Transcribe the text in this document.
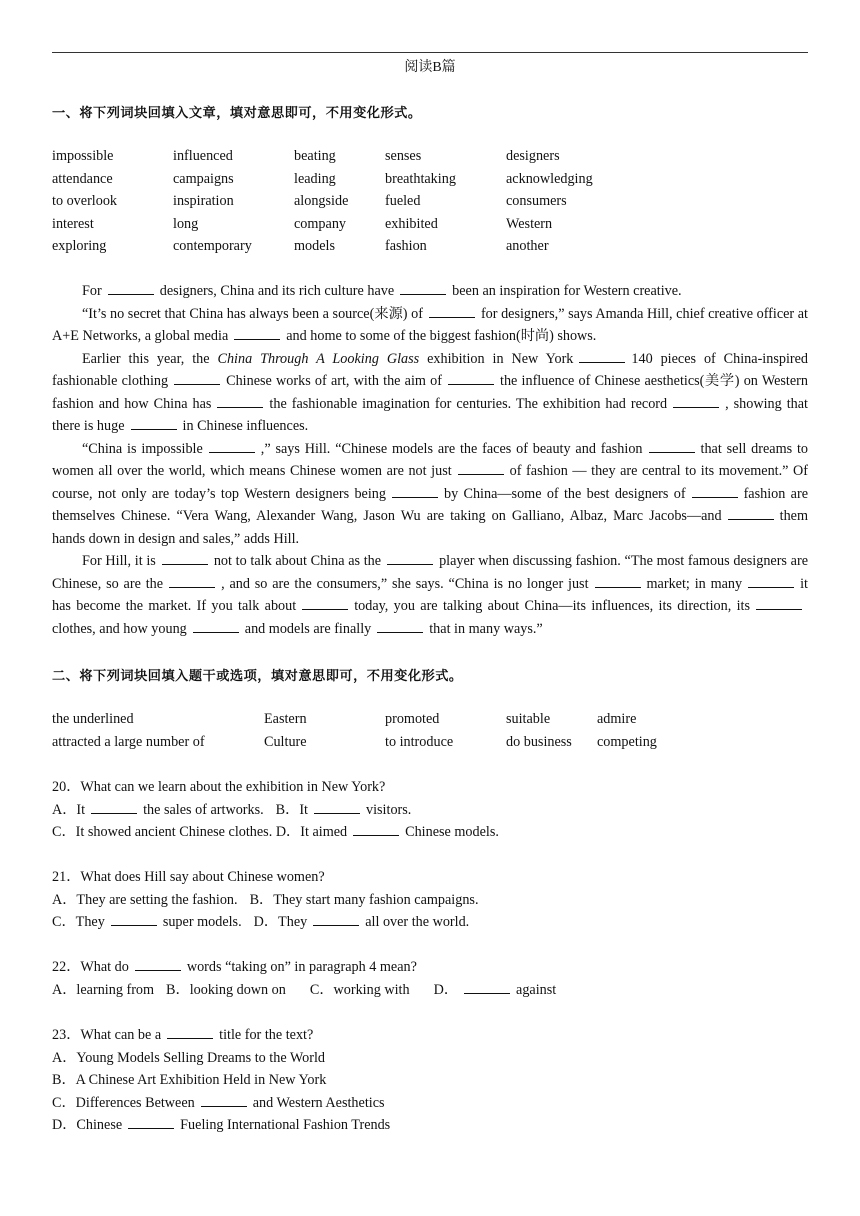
阅读B篇
一、将下列词块回填入文章，填对意思即可，不用变化形式。
impossible	influenced	beating	senses	designers
attendance	campaigns	leading	breathtaking	acknowledging
to overlook	inspiration	alongside	fueled	consumers
interest	long	company	exhibited	Western
exploring	contemporary	models	fashion	another

For	designers, China and its rich culture have	been an inspiration for Western creative.

“It’s no secret that China has always been a source(来源) of	for designers,” says Amanda Hill, chief creative officer at A+E Networks, a global media	and home to some of the biggest fashion(时尚) shows.

Earlier this year, the China Through A Looking Glass exhibition in New York	140 pieces of China-inspired fashionable clothing	Chinese works of art, with the aim of	the influence of Chinese aesthetics(美学) on Western fashion and how China has	the fashionable imagination for centuries. The exhibition had record	, showing that there is huge	in Chinese influences.

“China is impossible	,” says Hill. “Chinese models are the faces of beauty and fashion	that sell dreams to women all over the world, which means Chinese women are not just	of fashion — they are central to its movement.” Of course, not only are today’s top Western designers being	by China—some of the best designers of	fashion are themselves Chinese. “Vera Wang, Alexander Wang, Jason Wu are taking on Galliano, Albaz, Marc Jacobs—and	them hands down in design and sales,” adds Hill.

For Hill, it is	not to talk about China as the	player when discussing fashion. “The most famous designers are Chinese, so are the	, and so are the consumers,” she says. “China is no longer just	market; in many	it has become the market. If you talk about	today, you are talking about China—its influences, its direction, itsclothes, and how young	and models are finally	that in many ways.”

二、将下列词块回填入题干或选项，填对意思即可，不用变化形式。
the underlined	Eastern	promoted	suitable	admire
attracted a large number of	Culture	to introduce	do business	competing
20．What can we learn about the exhibition in New York?
A．It	the sales of artworks. B．It	visitors.
C．It showed ancient Chinese clothes. D．It aimed	Chinese models.
21．What does Hill say about Chinese women?
A．They are setting the fashion. B．They start many fashion campaigns.
C．They	super models. D．They	all over the world.
22．What do	words “taking on” in paragraph 4 mean?
A．learning from B．looking down on C．working with D．	against
23．What can be a	title for the text?
A．Young Models Selling Dreams to the World
B．A Chinese Art Exhibition Held in New York
C．Differences Between	and Western Aesthetics
D．Chinese	Fueling International Fashion Trends
